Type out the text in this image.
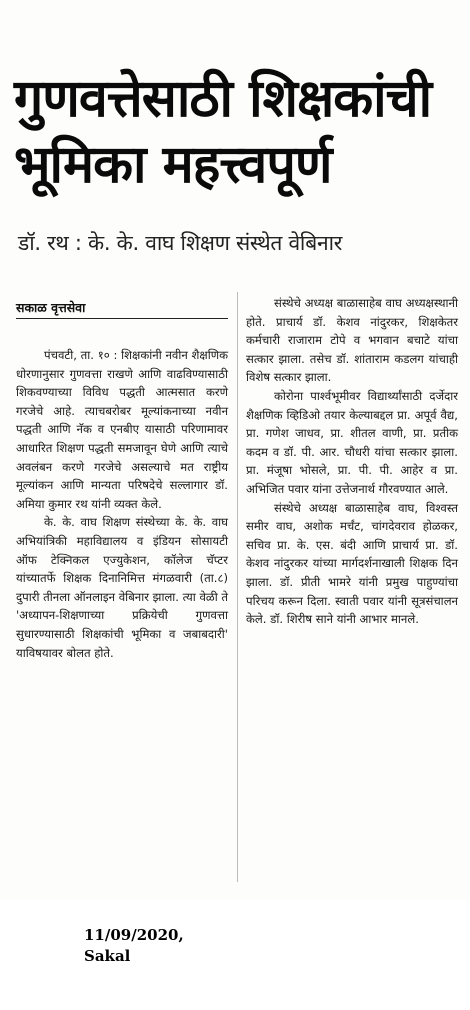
गुणवत्तेसाठी शिक्षकांची
भूमिका महत्त्वपूर्ण
डॉ. रथ : के. के. वाघ शिक्षण संस्थेत वेबिनार
सकाळ वृत्तसेवा

पंचवटी, ता. १० : शिक्षकांनी नवीन शैक्षणिक धोरणानुसार गुणवत्ता राखणे आणि वाढविण्यासाठी शिकवण्याच्या विविध पद्धती आत्मसात करणे गरजेचे आहे. त्याचबरोबर मूल्यांकनाच्या नवीन पद्धती आणि नॅक व एनबीए यासाठी परिणामावर आधारित शिक्षण पद्धती समजावून घेणे आणि त्याचे अवलंबन करणे गरजेचे असल्याचे मत राष्ट्रीय मूल्यांकन आणि मान्यता परिषदेचे सल्लागार डॉ. अमिया कुमार रथ यांनी व्यक्त केले.

के. के. वाघ शिक्षण संस्थेच्या के. के. वाघ अभियांत्रिकी महाविद्यालय व इंडियन सोसायटी ऑफ टेक्निकल एज्युकेशन, कॉलेज चॅप्टर यांच्यातर्फे शिक्षक दिनानिमित्त मंगळवारी (ता.८) दुपारी तीनला ऑनलाइन वेबिनार झाला. त्या वेळी ते 'अध्यापन-शिक्षणाच्या प्रक्रियेची गुणवत्ता सुधारण्यासाठी शिक्षकांची भूमिका व जबाबदारी' याविषयावर बोलत होते.

संस्थेचे अध्यक्ष बाळासाहेब वाघ अध्यक्षस्थानी होते. प्राचार्य डॉ. केशव नांदुरकर, शिक्षकेतर कर्मचारी राजाराम टोपे व भगवान बचाटे यांचा सत्कार झाला. तसेच डॉ. शांताराम कडलग यांचाही विशेष सत्कार झाला.

कोरोना पार्श्वभूमीवर विद्यार्थ्यांसाठी दर्जेदार शैक्षणिक व्हिडिओ तयार केल्याबद्दल प्रा. अपूर्व वैद्य, प्रा. गणेश जाधव, प्रा. शीतल वाणी, प्रा. प्रतीक कदम व डॉ. पी. आर. चौधरी यांचा सत्कार झाला. प्रा. मंजूषा भोसले, प्रा. पी. पी. आहेर व प्रा. अभिजित पवार यांना उत्तेजनार्थ गौरवण्यात आले.

संस्थेचे अध्यक्ष बाळासाहेब वाघ, विश्वस्त समीर वाघ, अशोक मर्चंट, चांगदेवराव होळकर, सचिव प्रा. के. एस. बंदी आणि प्राचार्य प्रा. डॉ. केशव नांदुरकर यांच्या मार्गदर्शनाखाली शिक्षक दिन झाला. डॉ. प्रीती भामरे यांनी प्रमुख पाहुण्यांचा परिचय करून दिला. स्वाती पवार यांनी सूत्रसंचालन केले. डॉ. शिरीष साने यांनी आभार मानले.

11/09/2020,
Sakal
